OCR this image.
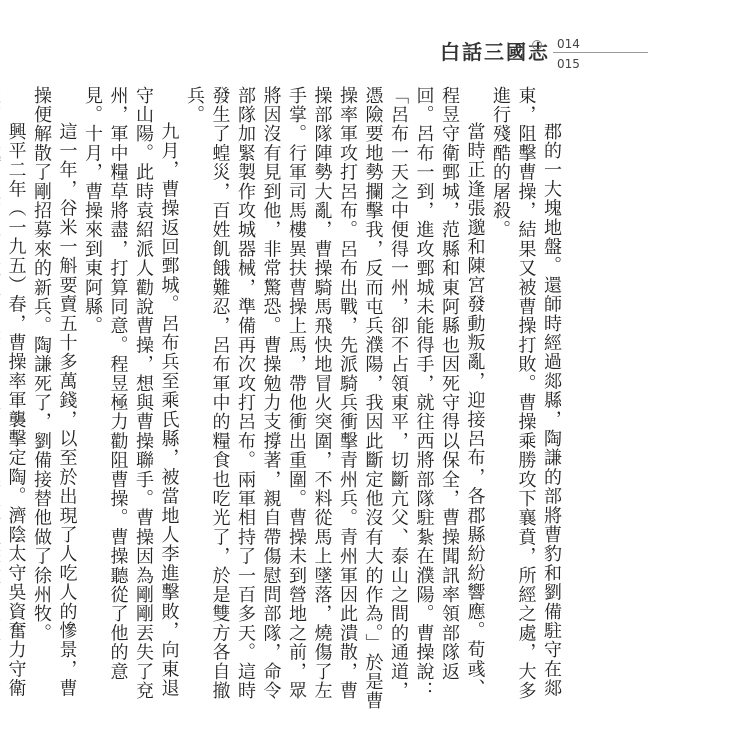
白話三國志 014
015

郡的一大塊地盤。還師時經過郯縣，陶謙的部將曹豹和劉備駐守在郯東，阻擊曹操，結果又被曹操打敗。曹操乘勝攻下襄賁，所經之處，大多進行殘酷的屠殺。

當時正逢張邈和陳宮發動叛亂，迎接呂布，各郡縣紛紛響應。荀彧、程昱守衛鄄城，范縣和東阿縣也因死守得以保全，曹操聞訊率領部隊返回。呂布一到，進攻鄄城未能得手，就往西將部隊駐紮在濮陽。曹操說：「呂布一天之中便得一州，卻不占領東平，切斷亢父、泰山之間的通道，憑險要地勢攔擊我，反而屯兵濮陽，我因此斷定他沒有大的作為。」於是曹操率軍攻打呂布。呂布出戰，先派騎兵衝擊青州兵。青州軍因此潰散，曹操部隊陣勢大亂，曹操騎馬飛快地冒火突圍，不料從馬上墜落，燒傷了左手掌。行軍司馬樓異扶曹操上馬，帶他衝出重圍。曹操未到營地之前，眾將因沒有見到他，非常驚恐。曹操勉力支撐著，親自帶傷慰問部隊，命令部隊加緊製作攻城器械，準備再次攻打呂布。兩軍相持了一百多天。這時發生了蝗災，百姓飢餓難忍，呂布軍中的糧食也吃光了，於是雙方各自撤兵。

九月，曹操返回鄄城。呂布兵至乘氏縣，被當地人李進擊敗，向東退守山陽。此時袁紹派人勸說曹操，想與曹操聯手。曹操因為剛剛丟失了兗州，軍中糧草將盡，打算同意。程昱極力勸阻曹操。曹操聽從了他的意見。十月，曹操來到東阿縣。

這一年，谷米一斛要賣五十多萬錢，以至於出現了人吃人的慘景，曹操便解散了剛招募來的新兵。陶謙死了，劉備接替他做了徐州牧。

興平二年（一九五）春，曹操率軍襲擊定陶。濟陰太守吳資奮力守衛
